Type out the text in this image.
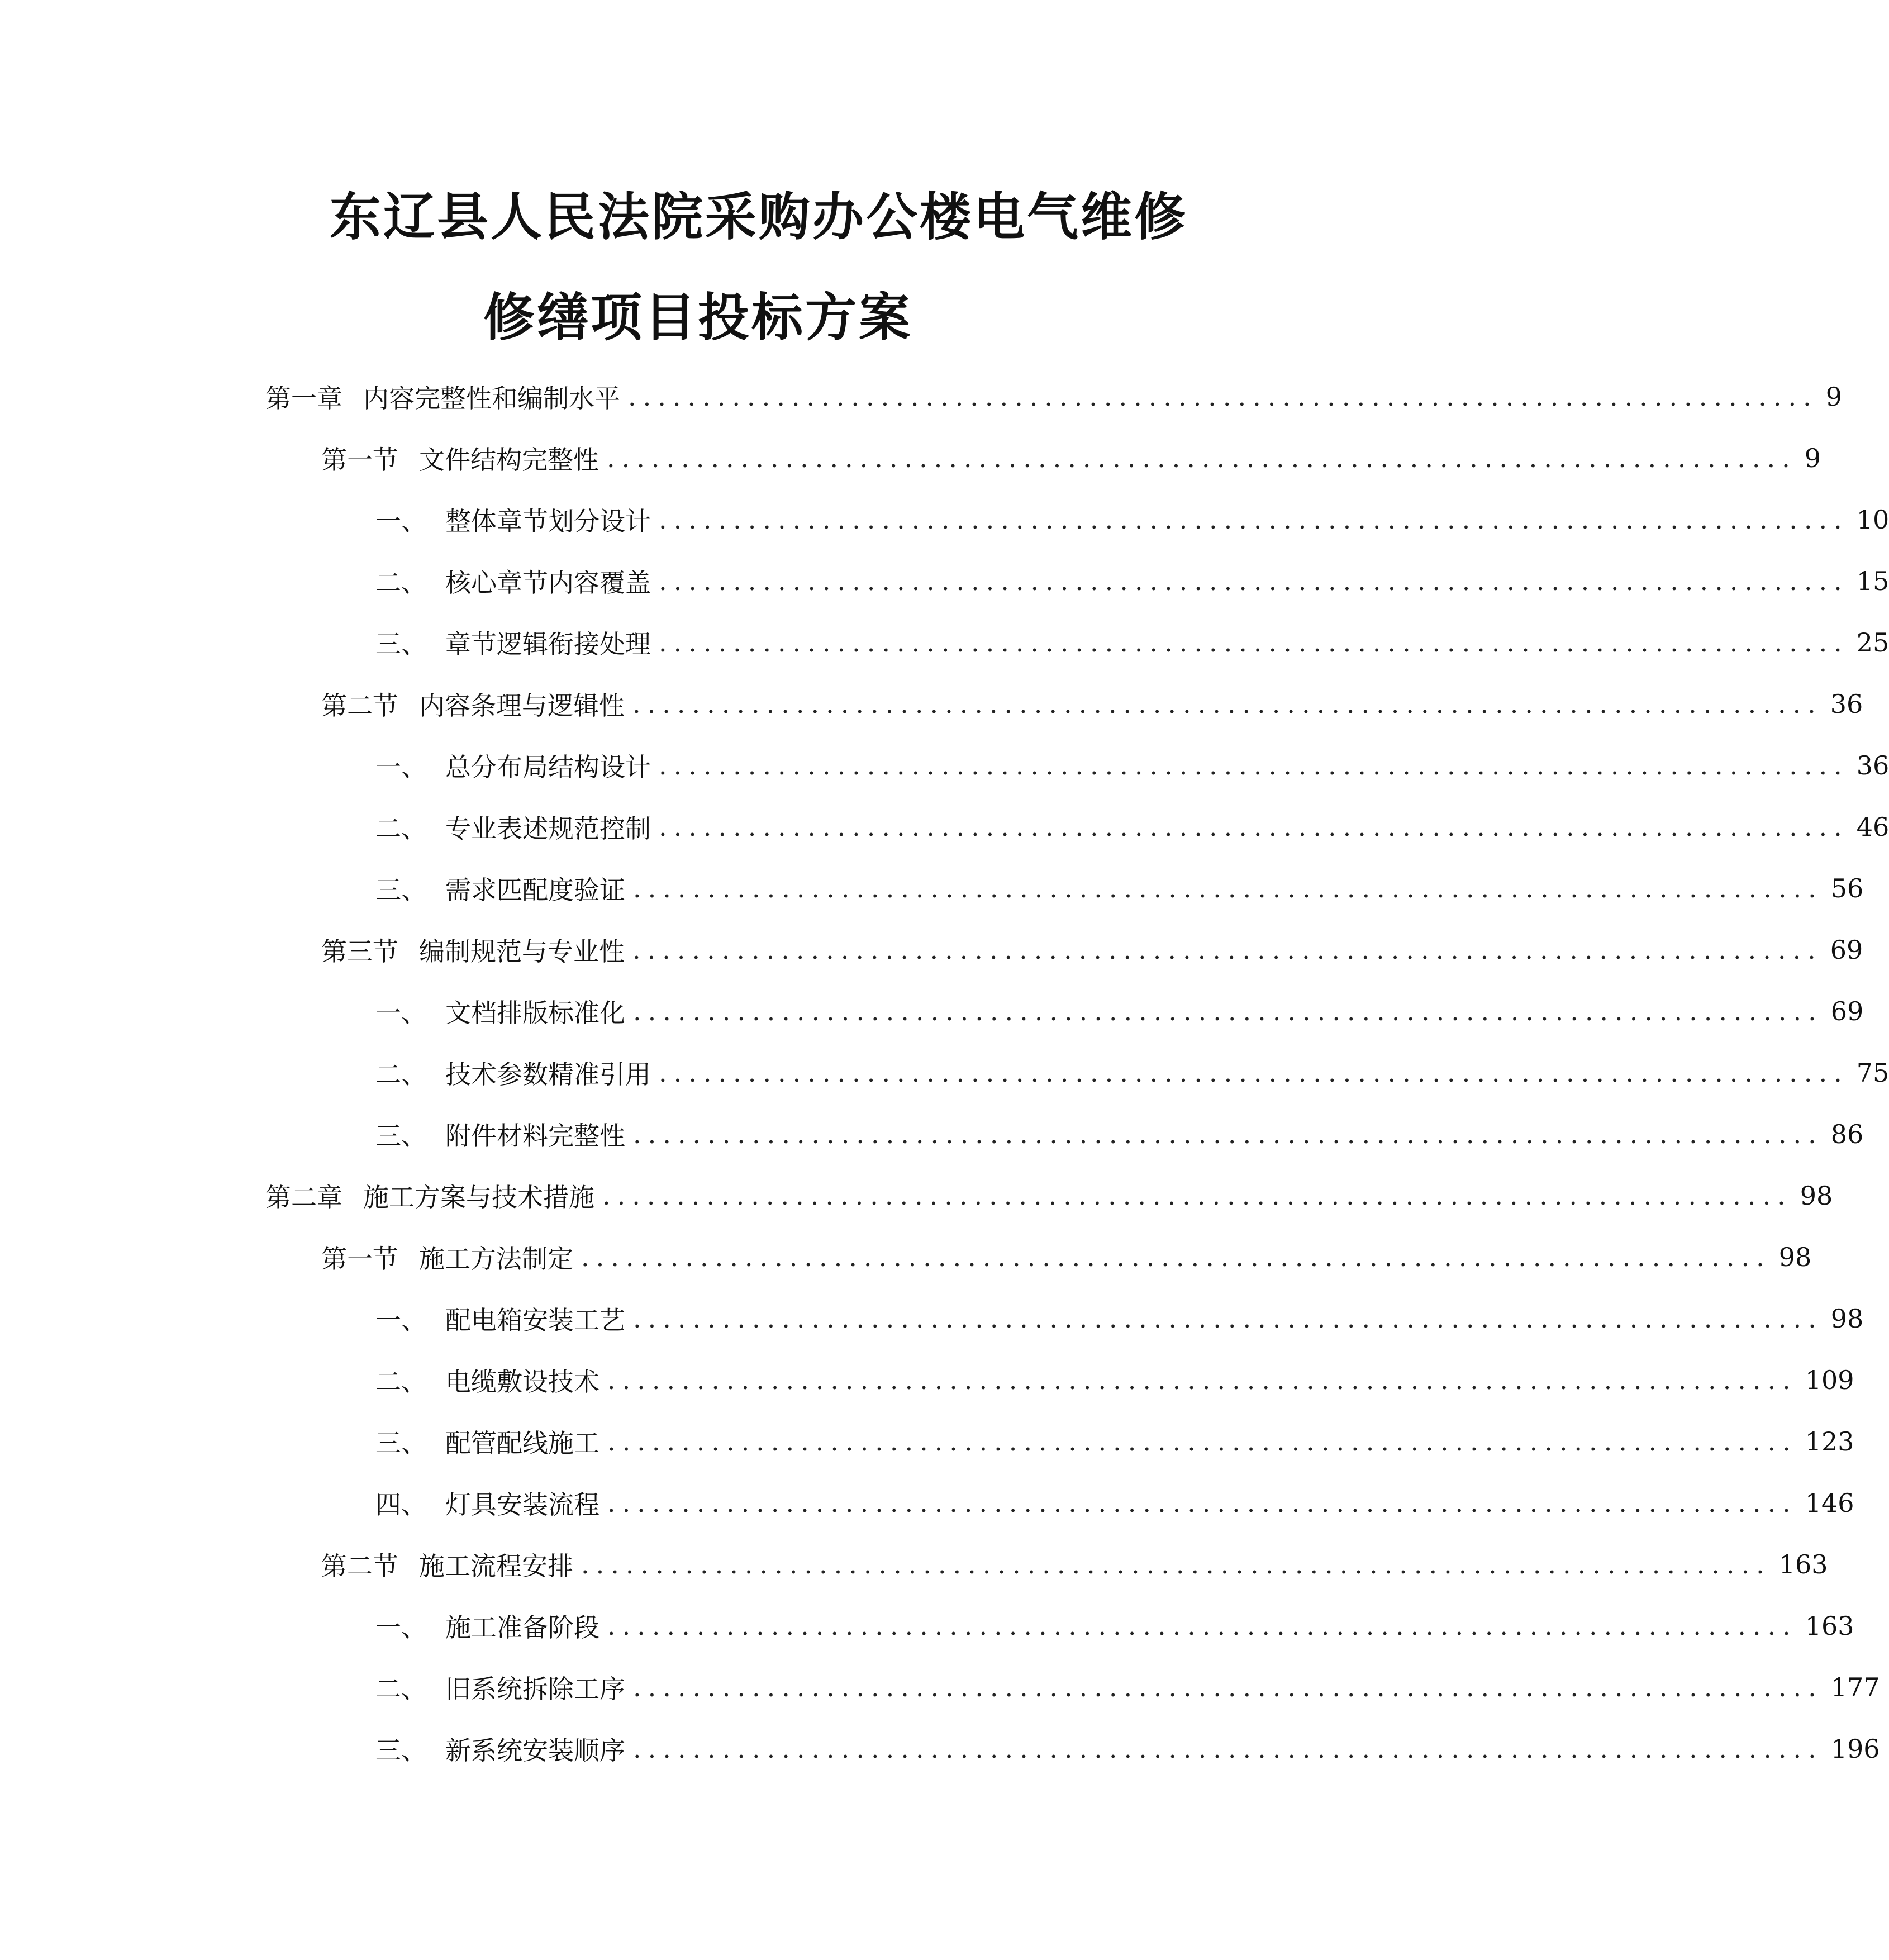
东辽县人民法院采购办公楼电气维修
修缮项目投标方案
第一章 内容完整性和编制水平 ................................................................................ 9
第一节 文件结构完整性 ................................................................................ 9
一、 整体章节划分设计 ................................................................................ 10
二、 核心章节内容覆盖 ................................................................................ 15
三、 章节逻辑衔接处理 ................................................................................ 25
第二节 内容条理与逻辑性 ................................................................................ 36
一、 总分布局结构设计 ................................................................................ 36
二、 专业表述规范控制 ................................................................................ 46
三、 需求匹配度验证 ................................................................................ 56
第三节 编制规范与专业性 ................................................................................ 69
一、 文档排版标准化 ................................................................................ 69
二、 技术参数精准引用 ................................................................................ 75
三、 附件材料完整性 ................................................................................ 86
第二章 施工方案与技术措施 ................................................................................ 98
第一节 施工方法制定 ................................................................................ 98
一、 配电箱安装工艺 ................................................................................ 98
二、 电缆敷设技术 ................................................................................ 109
三、 配管配线施工 ................................................................................ 123
四、 灯具安装流程 ................................................................................ 146
第二节 施工流程安排 ................................................................................ 163
一、 施工准备阶段 ................................................................................ 163
二、 旧系统拆除工序 ................................................................................ 177
三、 新系统安装顺序 ................................................................................ 196
